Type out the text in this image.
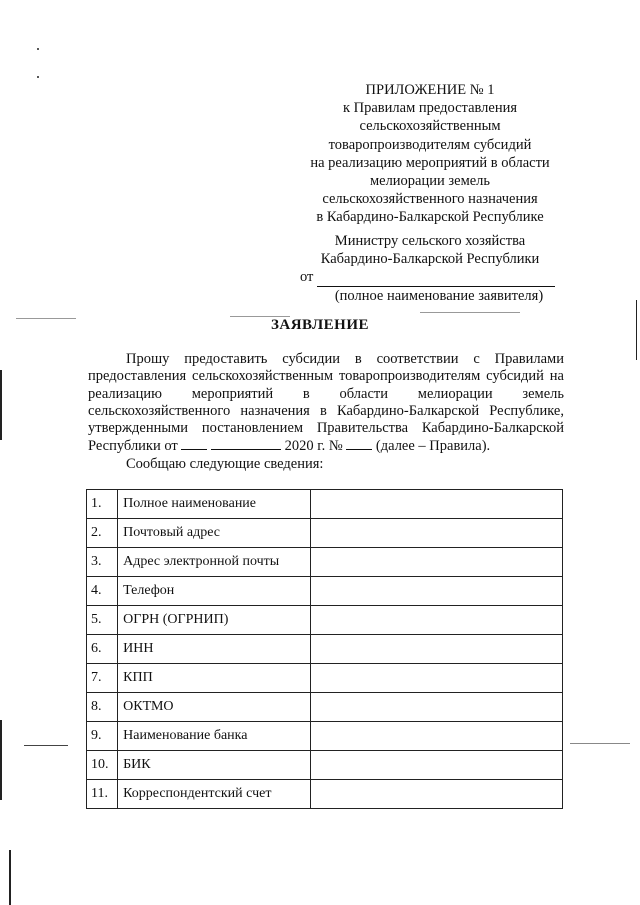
ПРИЛОЖЕНИЕ № 1
к Правилам предоставления
сельскохозяйственным
товаропроизводителям субсидий
на реализацию мероприятий в области
мелиорации земель
сельскохозяйственного назначения
в Кабардино-Балкарской Республике
Министру сельского хозяйства
Кабардино-Балкарской Республики
от
(полное наименование заявителя)
ЗАЯВЛЕНИЕ

Прошу предоставить субсидии в соответствии с Правилами предоставления сельскохозяйственным товаропроизводителям субсидий на реализацию мероприятий в области мелиорации земель сельскохозяйственного назначения в Кабардино-Балкарской Республике, утвержденными постановлением Правительства Кабардино-Балкарской Республики от	2020 г. № (далее – Правила).

Сообщаю следующие сведения:

1.	Полное наименование	
2.	Почтовый адрес	
3.	Адрес электронной почты	
4.	Телефон	
5.	ОГРН (ОГРНИП)	
6.	ИНН	
7.	КПП	
8.	ОКТМО	
9.	Наименование банка	
10.	БИК	
11.	Корреспондентский счет	
